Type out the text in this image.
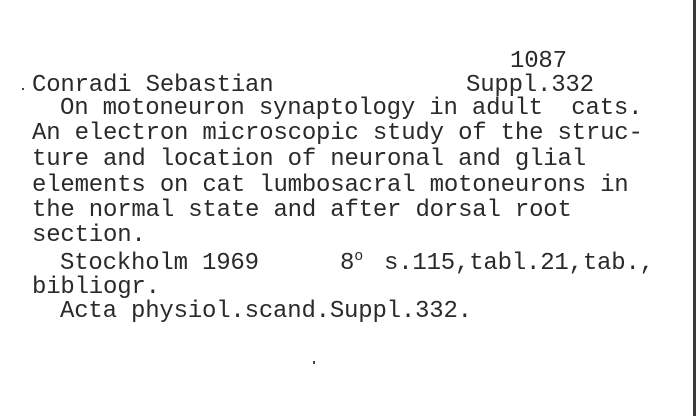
1087
Conradi Sebastian	Suppl.332
On motoneuron synaptology in adult  cats.
An electron microscopic study of the struc-
ture and location of neuronal and glial
elements on cat lumbosacral motoneurons in
the normal state and after dorsal root
section.
Stockholm 1969	8$^o$ s.115,tabl.21,tab.,
bibliogr.
Acta physiol.scand.Suppl.332.
